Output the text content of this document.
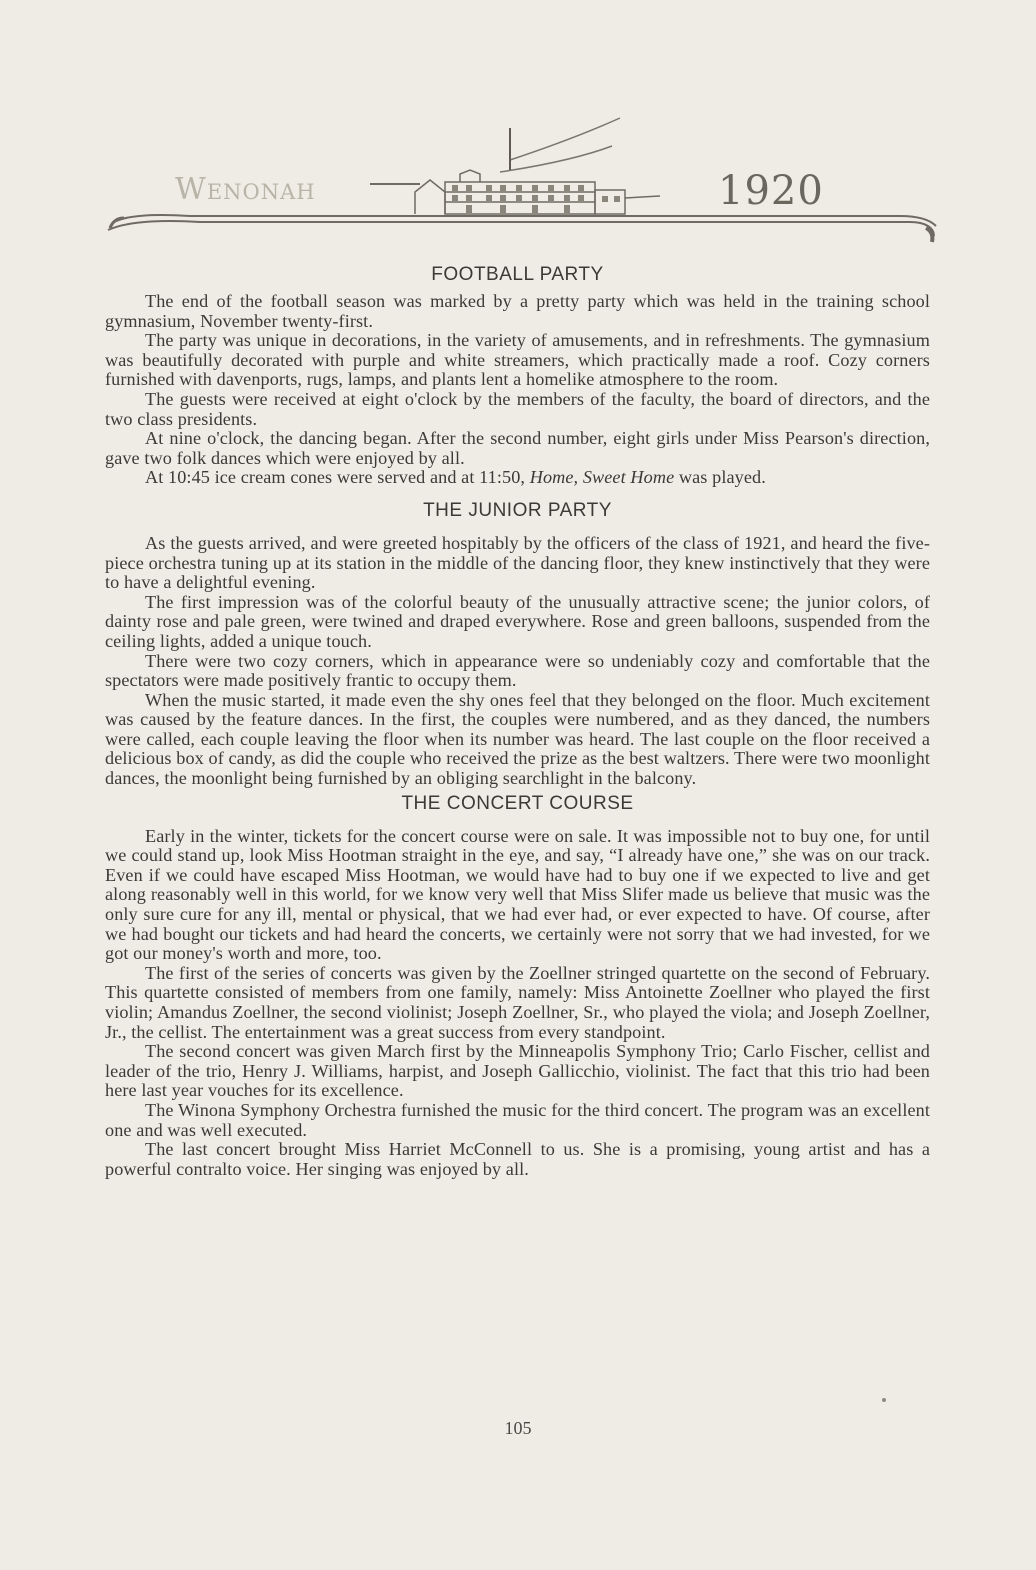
Wenonah	1920
FOOTBALL PARTY

The end of the football season was marked by a pretty party which was held in the training school gymnasium, November twenty-first.

The party was unique in decorations, in the variety of amusements, and in refreshments. The gymnasium was beautifully decorated with purple and white streamers, which practically made a roof. Cozy corners furnished with davenports, rugs, lamps, and plants lent a homelike atmosphere to the room.

The guests were received at eight o'clock by the members of the faculty, the board of directors, and the two class presidents.

At nine o'clock, the dancing began. After the second number, eight girls under Miss Pearson's direction, gave two folk dances which were enjoyed by all.

At 10:45 ice cream cones were served and at 11:50, Home, Sweet Home was played.

THE JUNIOR PARTY

As the guests arrived, and were greeted hospitably by the officers of the class of 1921, and heard the five-piece orchestra tuning up at its station in the middle of the dancing floor, they knew instinctively that they were to have a delightful evening.

The first impression was of the colorful beauty of the unusually attractive scene; the junior colors, of dainty rose and pale green, were twined and draped everywhere. Rose and green balloons, suspended from the ceiling lights, added a unique touch.

There were two cozy corners, which in appearance were so undeniably cozy and comfortable that the spectators were made positively frantic to occupy them.

When the music started, it made even the shy ones feel that they belonged on the floor. Much excitement was caused by the feature dances. In the first, the couples were numbered, and as they danced, the numbers were called, each couple leaving the floor when its number was heard. The last couple on the floor received a delicious box of candy, as did the couple who received the prize as the best waltzers. There were two moonlight dances, the moonlight being furnished by an obliging searchlight in the balcony.

THE CONCERT COURSE

Early in the winter, tickets for the concert course were on sale. It was impossible not to buy one, for until we could stand up, look Miss Hootman straight in the eye, and say, “I already have one,” she was on our track. Even if we could have escaped Miss Hootman, we would have had to buy one if we expected to live and get along reasonably well in this world, for we know very well that Miss Slifer made us believe that music was the only sure cure for any ill, mental or physical, that we had ever had, or ever expected to have. Of course, after we had bought our tickets and had heard the concerts, we certainly were not sorry that we had invested, for we got our money's worth and more, too.

The first of the series of concerts was given by the Zoellner stringed quartette on the second of February. This quartette consisted of members from one family, namely: Miss Antoinette Zoellner who played the first violin; Amandus Zoellner, the second violinist; Joseph Zoellner, Sr., who played the viola; and Joseph Zoellner, Jr., the cellist. The entertainment was a great success from every standpoint.

The second concert was given March first by the Minneapolis Symphony Trio; Carlo Fischer, cellist and leader of the trio, Henry J. Williams, harpist, and Joseph Gallicchio, violinist. The fact that this trio had been here last year vouches for its excellence.

The Winona Symphony Orchestra furnished the music for the third concert. The program was an excellent one and was well executed.

The last concert brought Miss Harriet McConnell to us. She is a promising, young artist and has a powerful contralto voice. Her singing was enjoyed by all.

105
